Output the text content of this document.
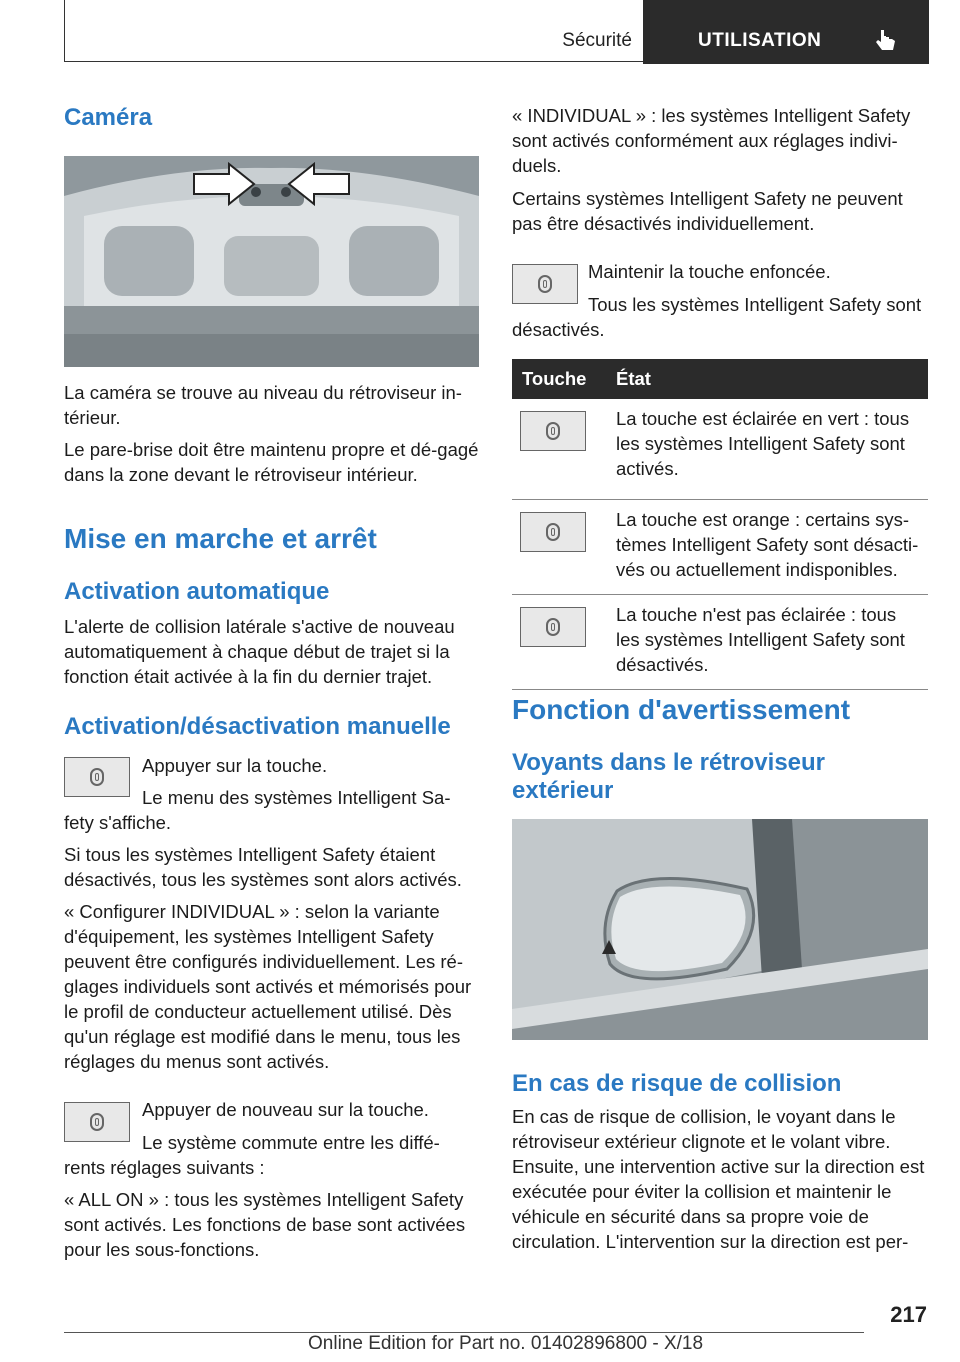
Sécurité	UTILISATION
Caméra

La caméra se trouve au niveau du rétroviseur in-térieur.

Le pare-brise doit être maintenu propre et dé-gagé dans la zone devant le rétroviseur intérieur.

Mise en marche et arrêt
Activation automatique

L'alerte de collision latérale s'active de nouveau automatiquement à chaque début de trajet si la fonction était activée à la fin du dernier trajet.

Activation/désactivation manuelle

Appuyer sur la touche.

Le menu des systèmes Intelligent Sa-fety s'affiche.

Si tous les systèmes Intelligent Safety étaient désactivés, tous les systèmes sont alors activés.

« Configurer INDIVIDUAL » : selon la variante d'équipement, les systèmes Intelligent Safety peuvent être configurés individuellement. Les ré-glages individuels sont activés et mémorisés pour le profil de conducteur actuellement utilisé. Dès qu'un réglage est modifié dans le menu, tous les réglages du menus sont activés.

Appuyer de nouveau sur la touche.

Le système commute entre les diffé-rents réglages suivants :

« ALL ON » : tous les systèmes Intelligent Safety sont activés. Les fonctions de base sont activées pour les sous-fonctions.

« INDIVIDUAL » : les systèmes Intelligent Safety sont activés conformément aux réglages indivi-duels.

Certains systèmes Intelligent Safety ne peuvent pas être désactivés individuellement.

Maintenir la touche enfoncée.

Tous les systèmes Intelligent Safety sont désactivés.

Touche	État

	La touche est éclairée en vert : tous les systèmes Intelligent Safety sont activés.

	La touche est orange : certains sys-tèmes Intelligent Safety sont désacti-vés ou actuellement indisponibles.

	La touche n'est pas éclairée : tous les systèmes Intelligent Safety sont désactivés.

Fonction d'avertissement
Voyants dans le rétroviseur extérieur
En cas de risque de collision

En cas de risque de collision, le voyant dans le rétroviseur extérieur clignote et le volant vibre. Ensuite, une intervention active sur la direction est exécutée pour éviter la collision et maintenir le véhicule en sécurité dans sa propre voie de circulation. L'intervention sur la direction est per-

217
Online Edition for Part no. 01402896800 - X/18
